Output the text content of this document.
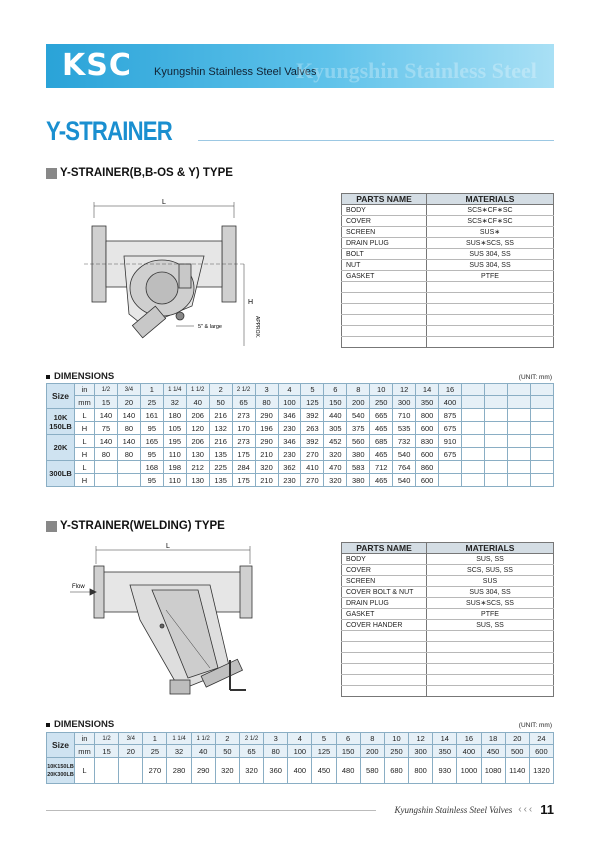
KSC Kyungshin Stainless Steel Valves
Kyungshin Stainless Steel
Y-STRAINER
Y-STRAINER(B,B-OS & Y) TYPE
L
H
APPROX.
5" & large
PARTS NAME	MATERIALS
BODY	SCS∗CF∗SC
COVER	SCS∗CF∗SC
SCREEN	SUS∗
DRAIN PLUG	SUS∗SCS, SS
BOLT	SUS 304, SS
NUT	SUS 304, SS
GASKET	PTFE

DIMENSIONS	(UNIT: mm)
Size	in	1/2	3/4	1	1 1/4	1 1/2	2	2 1/2	3	4	5	6	8	10	12	14	16				
	mm	15	20	25	32	40	50	65	80	100	125	150	200	250	300	350	400				

10K
150LB	L	140	140	161	180	206	216	273	290	346	392	440	540	665	710	800	875				
	H	75	80	95	105	120	132	170	196	230	263	305	375	465	535	600	675				

20K	L	140	140	165	195	206	216	273	290	346	392	452	560	685	732	830	910				
	H	80	80	95	110	130	135	175	210	230	270	320	380	465	540	600	675				

300LB	L			168	198	212	225	284	320	362	410	470	583	712	764	860					
	H			95	110	130	135	175	210	230	270	320	380	465	540	600					
Y-STRAINER(WELDING) TYPE
L
Flow
PARTS NAME	MATERIALS
BODY	SUS, SS
COVER	SCS, SUS, SS
SCREEN	SUS
COVER BOLT & NUT	SUS 304, SS
DRAIN PLUG	SUS∗SCS, SS
GASKET	PTFE
COVER HANDER	SUS, SS

DIMENSIONS	(UNIT: mm)
Size	in	1/2	3/4	1	1 1/4	1 1/2	2	2 1/2	3	4	5	6	8	10	12	14	16	18	20	24
	mm	15	20	25	32	40	50	65	80	100	125	150	200	250	300	350	400	450	500	600

10K150LB
20K300LB	L			270	280	290	320	320	360	400	450	480	580	680	800	930	1000	1080	1140	1320
Kyungshin Stainless Steel Valves ‹‹‹ 11
